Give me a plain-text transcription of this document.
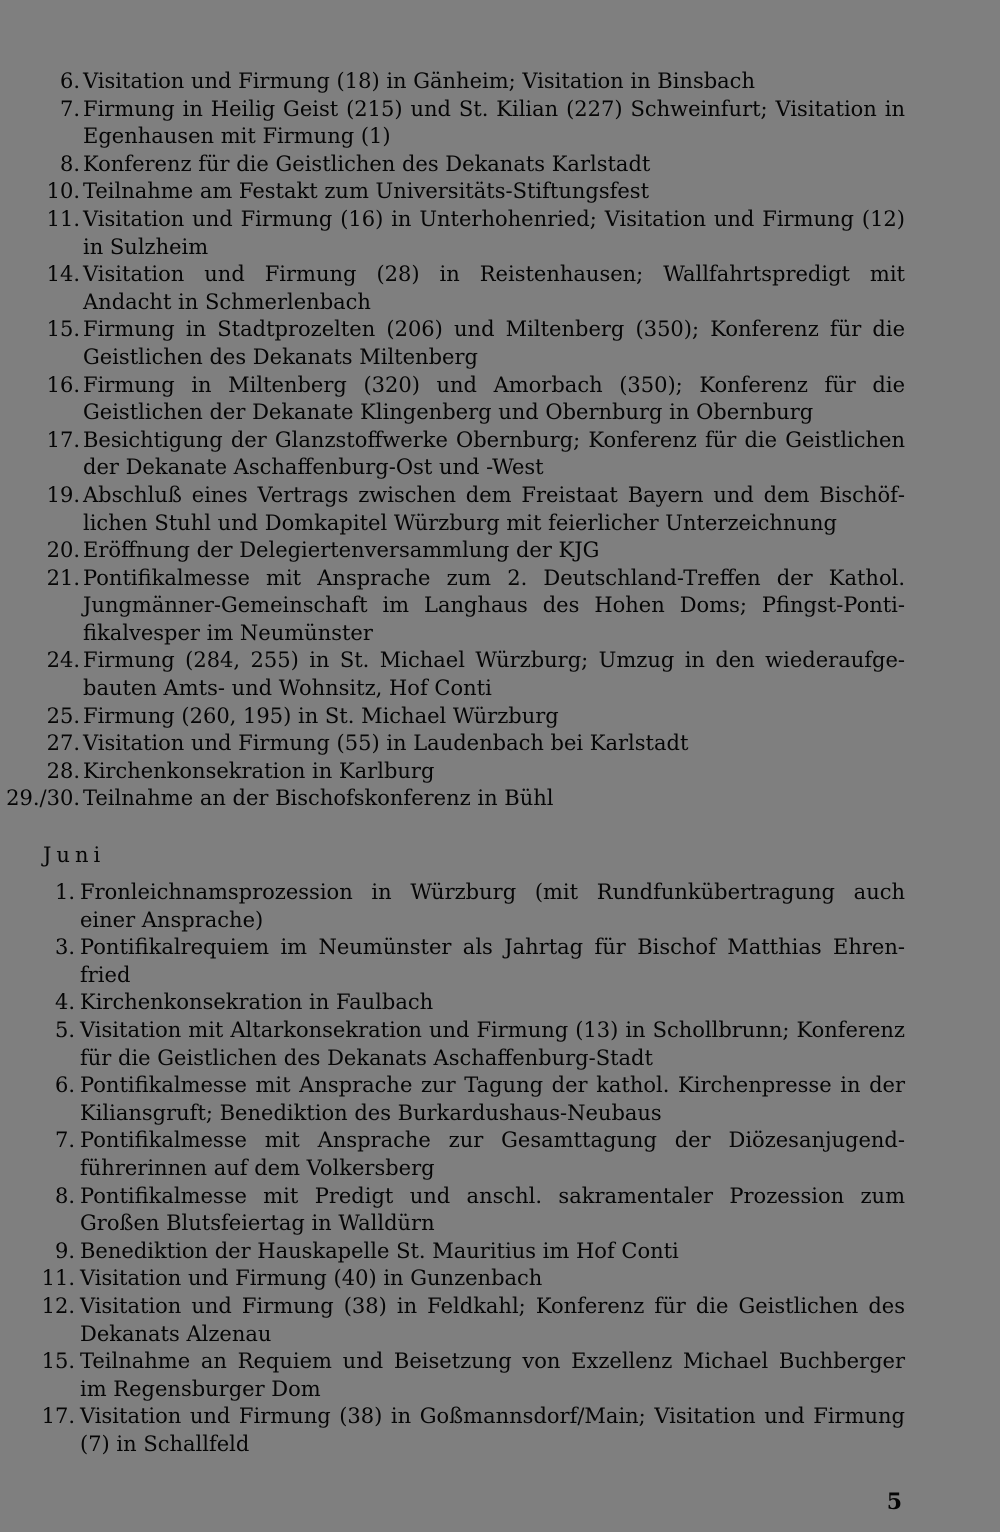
6. Visitation und Firmung (18) in Gänheim; Visitation in Binsbach
7. Firmung in Heilig Geist (215) und St. Kilian (227) Schweinfurt; Visitation in Egenhausen mit Firmung (1)
8. Konferenz für die Geistlichen des Dekanats Karlstadt
10. Teilnahme am Festakt zum Universitäts-Stiftungsfest
11. Visitation und Firmung (16) in Unterhohenried; Visitation und Firmung (12) in Sulzheim
14. Visitation und Firmung (28) in Reistenhausen; Wallfahrtspredigt mit Andacht in Schmerlenbach
15. Firmung in Stadtprozelten (206) und Miltenberg (350); Konferenz für die Geistlichen des Dekanats Miltenberg
16. Firmung in Miltenberg (320) und Amorbach (350); Konferenz für die Geistlichen der Dekanate Klingenberg und Obernburg in Obernburg
17. Besichtigung der Glanzstoffwerke Obernburg; Konferenz für die Geistlichen der Dekanate Aschaffenburg-Ost und -West
19. Abschluß eines Vertrags zwischen dem Freistaat Bayern und dem Bischöflichen Stuhl und Domkapitel Würzburg mit feierlicher Unterzeichnung
20. Eröffnung der Delegiertenversammlung der KJG
21. Pontifikalmesse mit Ansprache zum 2. Deutschland-Treffen der Kathol. Jungmänner-Gemeinschaft im Langhaus des Hohen Doms; Pfingst-Pontifikalvesper im Neumünster
24. Firmung (284, 255) in St. Michael Würzburg; Umzug in den wiederaufgebauten Amts- und Wohnsitz, Hof Conti
25. Firmung (260, 195) in St. Michael Würzburg
27. Visitation und Firmung (55) in Laudenbach bei Karlstadt
28. Kirchenkonsekration in Karlburg
29./30. Teilnahme an der Bischofskonferenz in Bühl
Juni
1. Fronleichnamsprozession in Würzburg (mit Rundfunkübertragung auch einer Ansprache)
3. Pontifikalrequiem im Neumünster als Jahrtag für Bischof Matthias Ehrenfried
4. Kirchenkonsekration in Faulbach
5. Visitation mit Altarkonsekration und Firmung (13) in Schollbrunn; Konferenz für die Geistlichen des Dekanats Aschaffenburg-Stadt
6. Pontifikalmesse mit Ansprache zur Tagung der kathol. Kirchenpresse in der Kiliansgruft; Benediktion des Burkardushaus-Neubaus
7. Pontifikalmesse mit Ansprache zur Gesamttagung der Diözesanjugendführerinnen auf dem Volkersberg
8. Pontifikalmesse mit Predigt und anschl. sakramentaler Prozession zum Großen Blutsfeiertag in Walldürn
9. Benediktion der Hauskapelle St. Mauritius im Hof Conti
11. Visitation und Firmung (40) in Gunzenbach
12. Visitation und Firmung (38) in Feldkahl; Konferenz für die Geistlichen des Dekanats Alzenau
15. Teilnahme an Requiem und Beisetzung von Exzellenz Michael Buchberger im Regensburger Dom
17. Visitation und Firmung (38) in Goßmannsdorf/Main; Visitation und Firmung (7) in Schallfeld
5
